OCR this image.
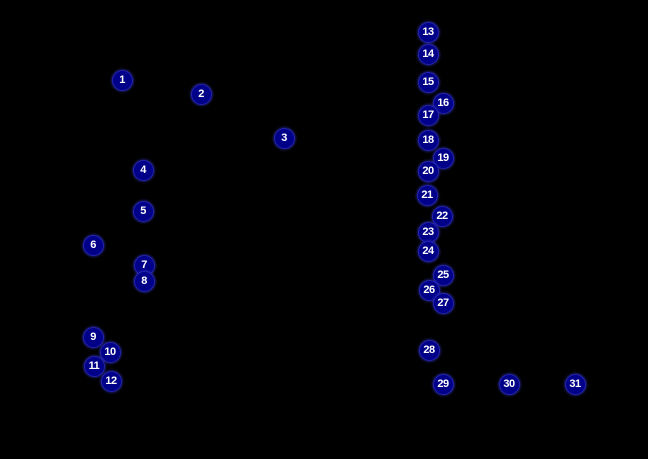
1
2
3
4
5
6
7
8
9
10
11
12
13
14
15
16
17
18
19
20
21
22
23
24
25
26
27
28
29	30	31
